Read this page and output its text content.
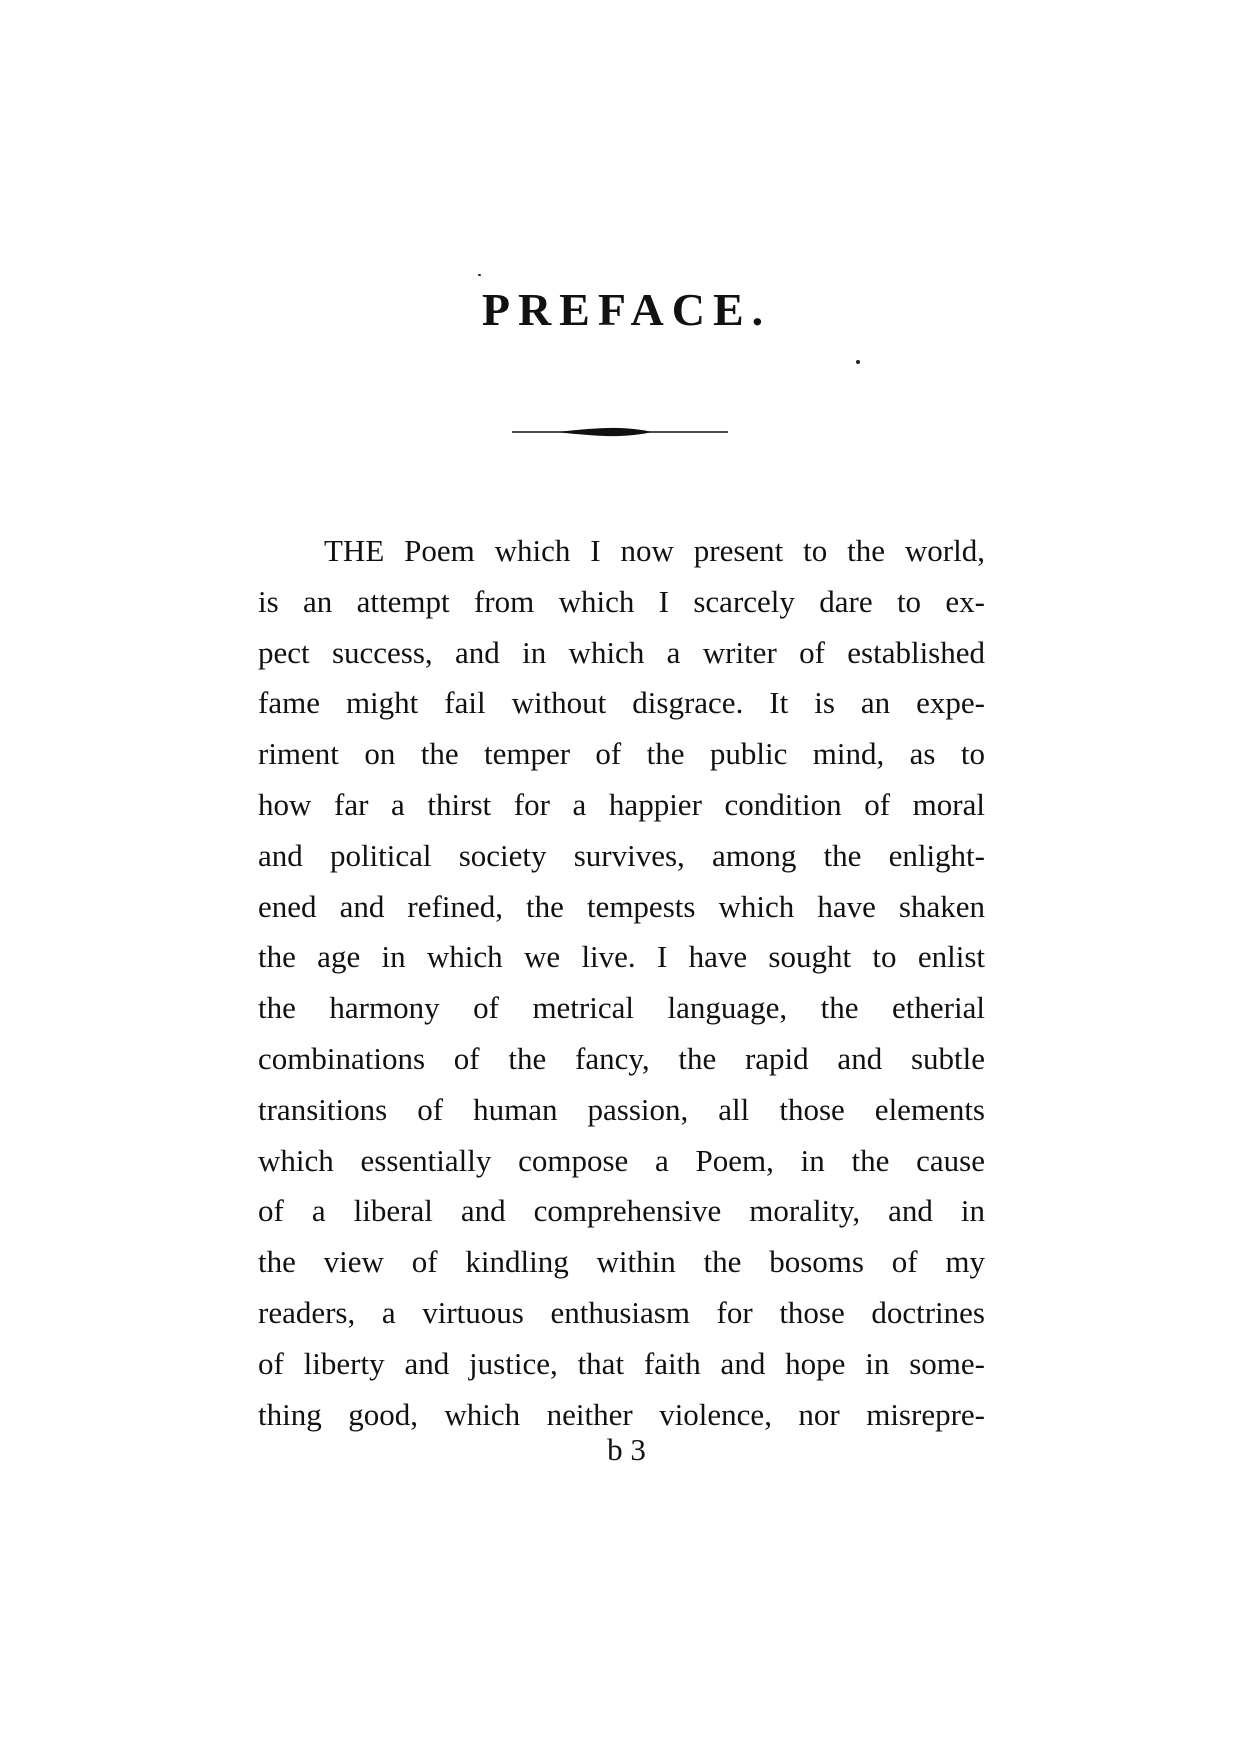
PREFACE.
THE Poem which I now present to the world,
is an attempt from which I scarcely dare to ex-
pect success, and in which a writer of established
fame might fail without disgrace. It is an expe-
riment on the temper of the public mind, as to
how far a thirst for a happier condition of moral
and political society survives, among the enlight-
ened and refined, the tempests which have shaken
the age in which we live. I have sought to enlist
the harmony of metrical language, the etherial
combinations of the fancy, the rapid and subtle
transitions of human passion, all those elements
which essentially compose a Poem, in the cause
of a liberal and comprehensive morality, and in
the view of kindling within the bosoms of my
readers, a virtuous enthusiasm for those doctrines
of liberty and justice, that faith and hope in some-
thing good, which neither violence, nor misrepre-
b 3
